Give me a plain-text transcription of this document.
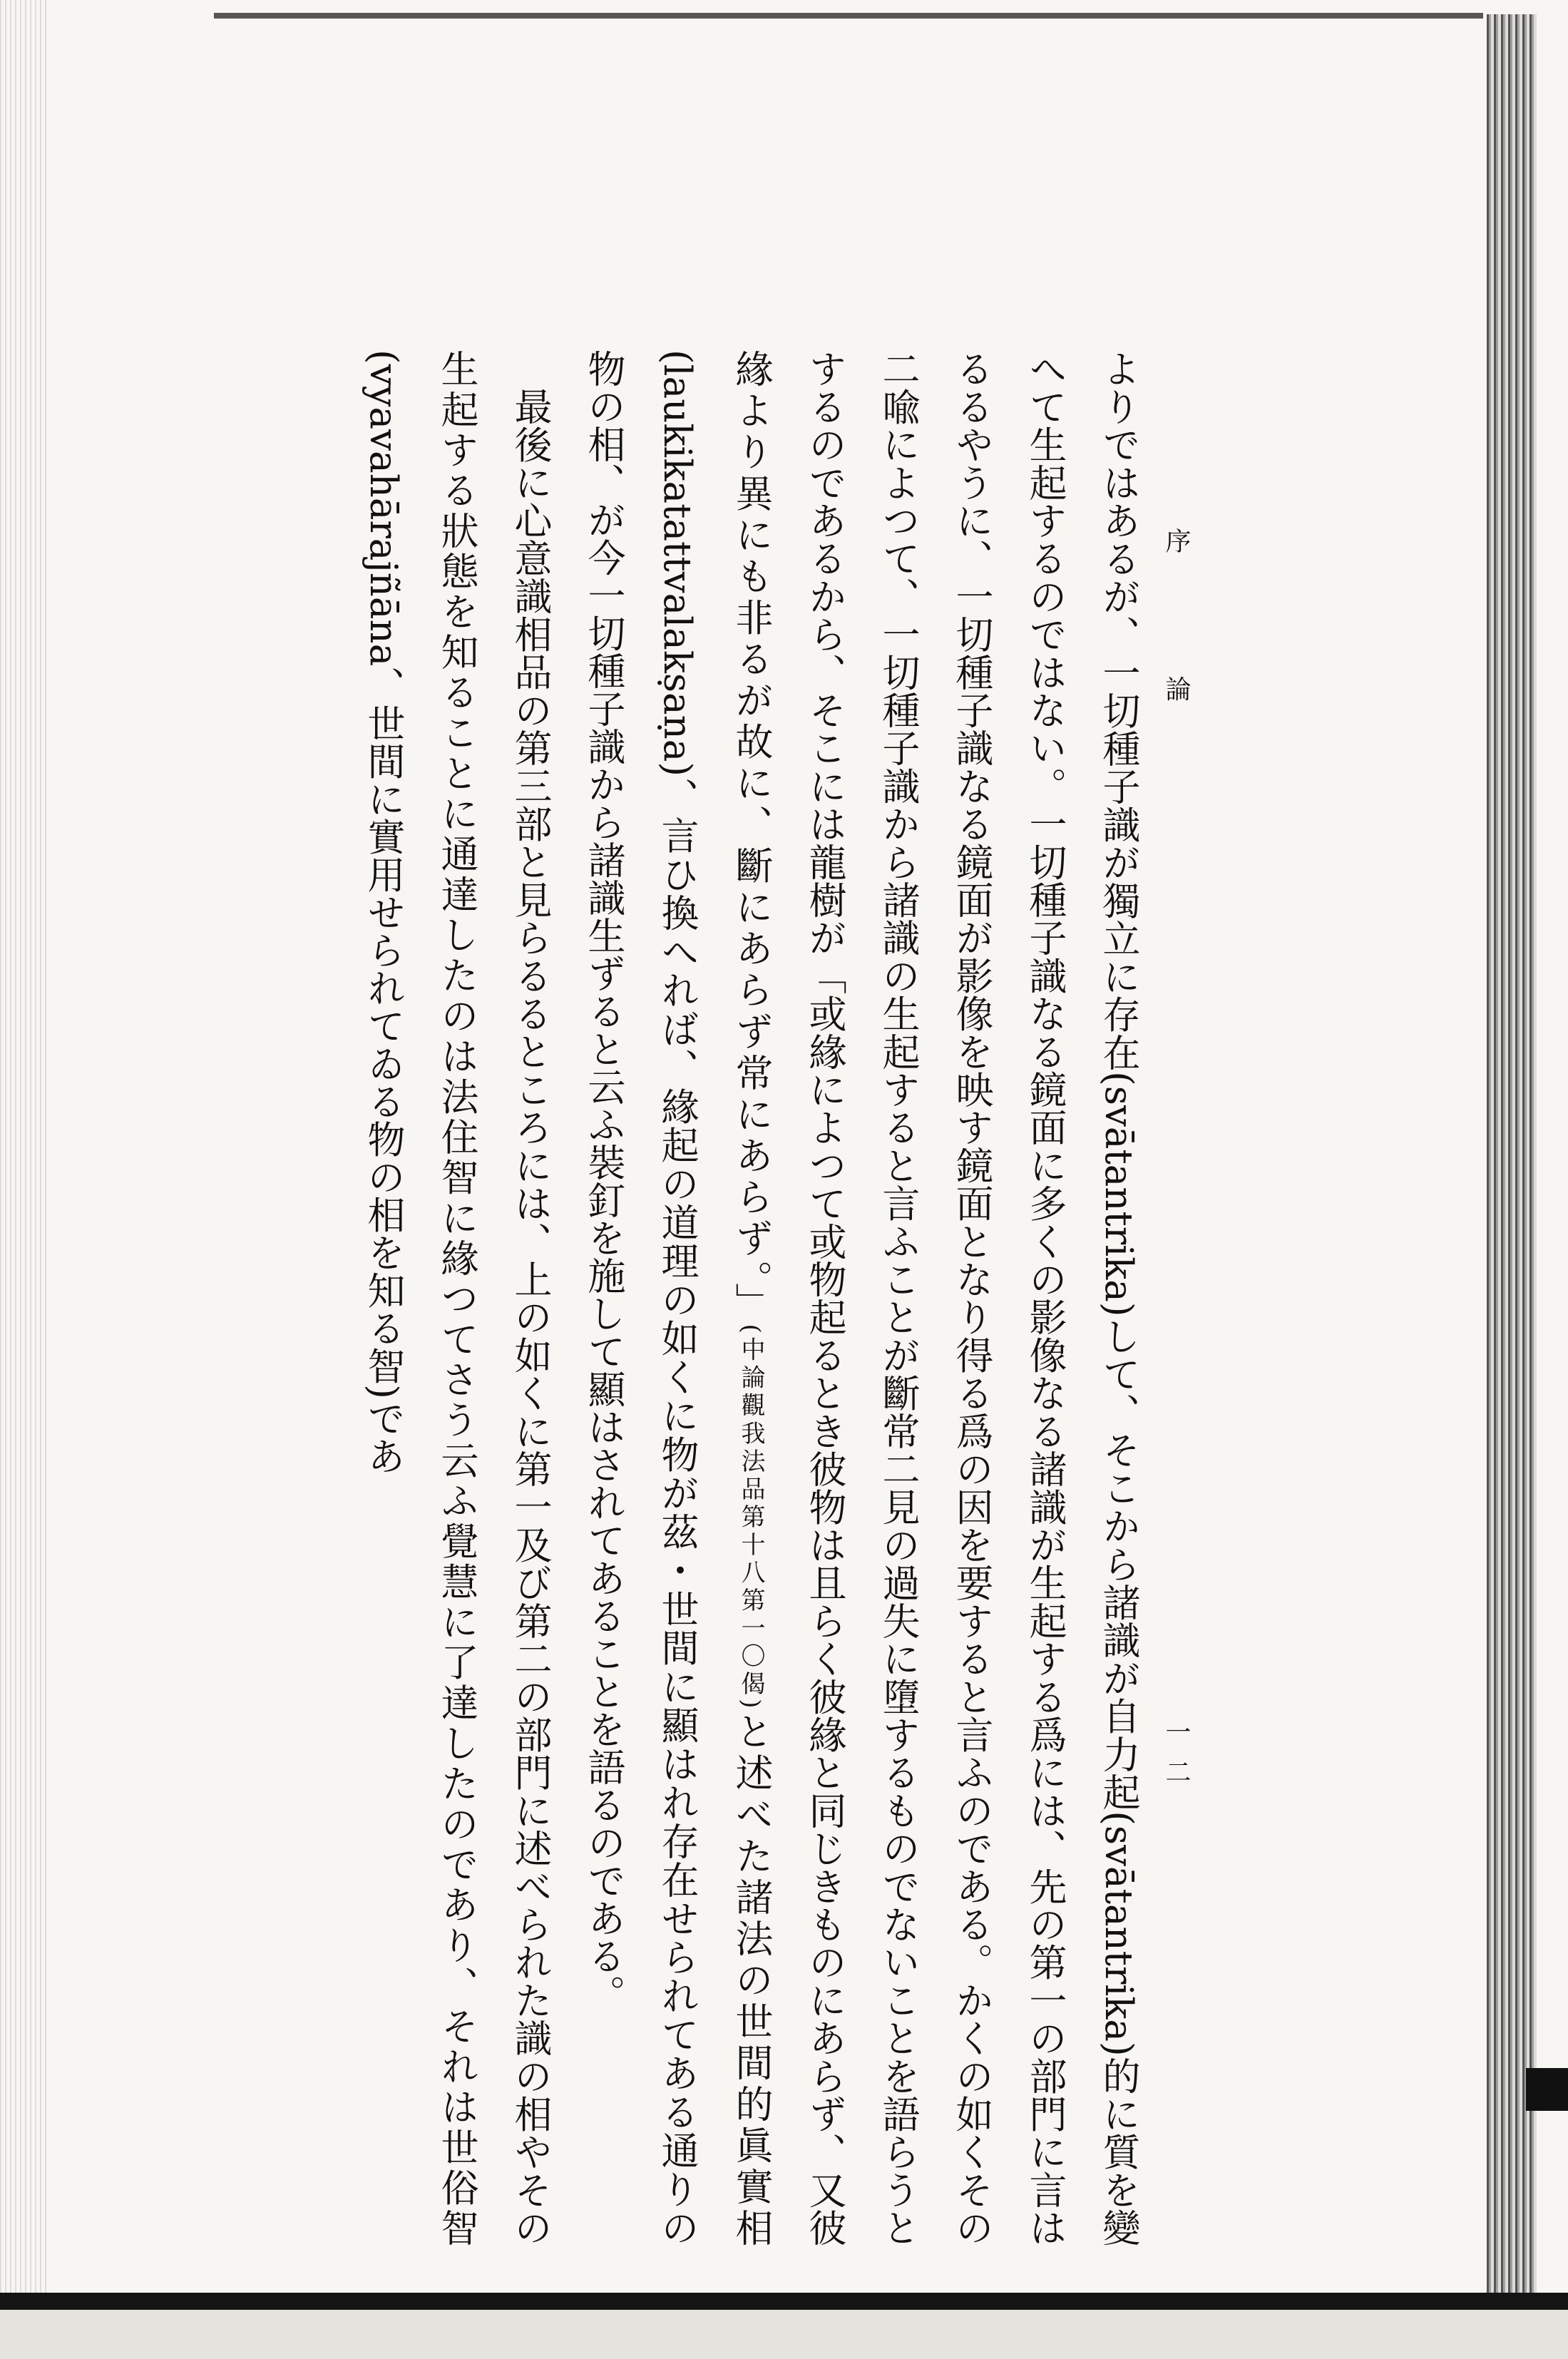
序 論
一二

よりではあるが、一切種子識が獨立に存在(svātantrika)して、そこから諸識が自力起(svātantrika)的に質を變へて生起するのではない。一切種子識なる鏡面に多くの影像なる諸識が生起する爲には、先の第一の部門に言はるるやうに、一切種子識なる鏡面が影像を映す鏡面となり得る爲の因を要すると言ふのである。かくの如くその二喩によつて、一切種子識から諸識の生起すると言ふことが斷常二見の過失に墮するものでないことを語らうとするのであるから、そこには龍樹が「或緣によつて或物起るとき彼物は且らく彼緣と同じきものにあらず、又彼緣より異にも非るが故に、斷にあらず常にあらず。」(中論觀我法品第十八第一〇偈)と述べた諸法の世間的眞實相(laukikatattvalakṣaṇa)、言ひ換へれば、緣起の道理の如くに物が茲・世間に顯はれ存在せられてある通りの物の相、が今一切種子識から諸識生ずると云ふ裝釘を施して顯はされてあることを語るのである。

最後に心意識相品の第三部と見らるるところには、上の如くに第一及び第二の部門に述べられた識の相やその生起する狀態を知ることに通達したのは法住智に緣つてさう云ふ覺慧に了達したのであり、それは世俗智(vyavahārajñāna、世間に實用せられてゐる物の相を知る智)であ
